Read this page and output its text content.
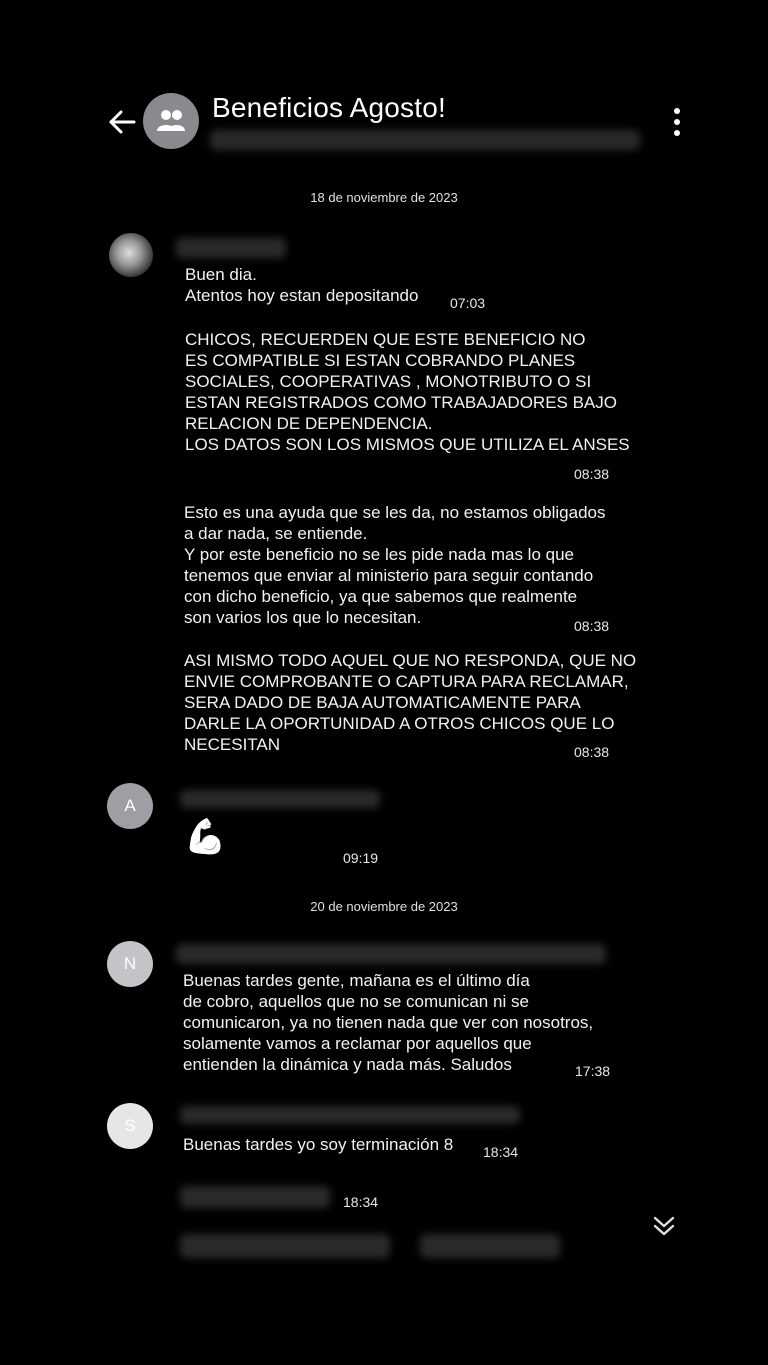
Beneficios Agosto!
18 de noviembre de 2023
Buen dia.
Atentos hoy estan depositando 07:03
CHICOS, RECUERDEN QUE ESTE BENEFICIO NO
ES COMPATIBLE SI ESTAN COBRANDO PLANES
SOCIALES, COOPERATIVAS , MONOTRIBUTO O SI
ESTAN REGISTRADOS COMO TRABAJADORES BAJO
RELACION DE DEPENDENCIA.
LOS DATOS SON LOS MISMOS QUE UTILIZA EL ANSES
08:38
Esto es una ayuda que se les da, no estamos obligados
a dar nada, se entiende.
Y por este beneficio no se les pide nada mas lo que
tenemos que enviar al ministerio para seguir contando
con dicho beneficio, ya que sabemos que realmente
son varios los que lo necesitan.	08:38
ASI MISMO TODO AQUEL QUE NO RESPONDA, QUE NO
ENVIE COMPROBANTE O CAPTURA PARA RECLAMAR,
SERA DADO DE BAJA AUTOMATICAMENTE PARA
DARLE LA OPORTUNIDAD A OTROS CHICOS QUE LO
NECESITAN	08:38
A
💪
09:19
20 de noviembre de 2023
N
Buenas tardes gente, mañana es el último día
de cobro, aquellos que no se comunican ni se
comunicaron, ya no tienen nada que ver con nosotros,
solamente vamos a reclamar por aquellos que
entienden la dinámica y nada más. Saludos	17:38
S
Buenas tardes yo soy terminación 8 18:34
18:34
